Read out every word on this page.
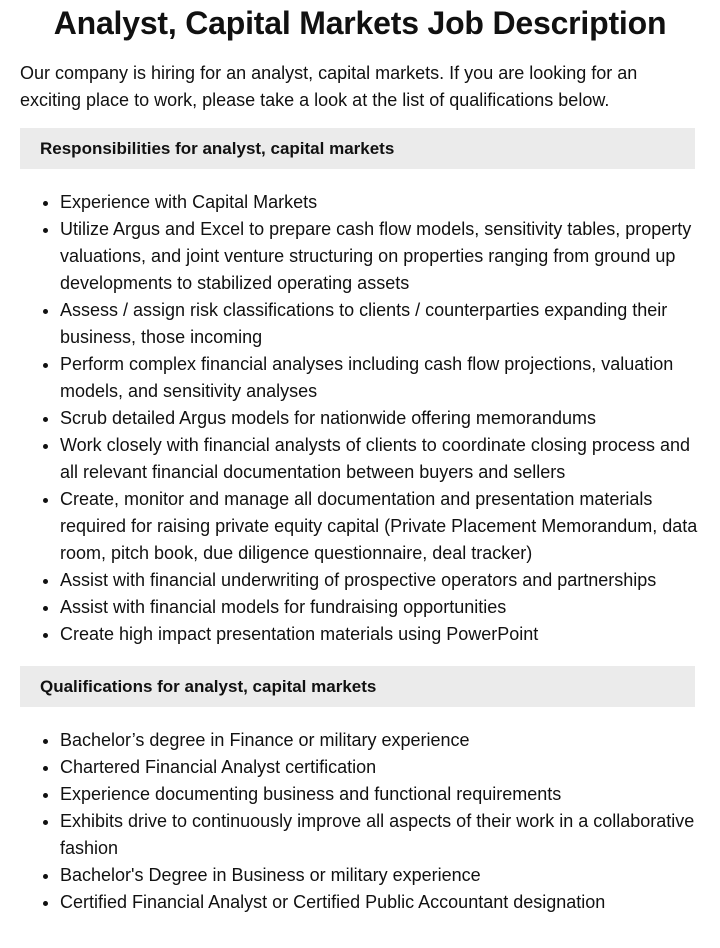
Analyst, Capital Markets Job Description

Our company is hiring for an analyst, capital markets. If you are looking for an exciting place to work, please take a look at the list of qualifications below.

Responsibilities for analyst, capital markets
• Experience with Capital Markets
• Utilize Argus and Excel to prepare cash flow models, sensitivity tables, property valuations, and joint venture structuring on properties ranging from ground up developments to stabilized operating assets
• Assess / assign risk classifications to clients / counterparties expanding their business, those incoming
• Perform complex financial analyses including cash flow projections, valuation models, and sensitivity analyses
• Scrub detailed Argus models for nationwide offering memorandums
• Work closely with financial analysts of clients to coordinate closing process and all relevant financial documentation between buyers and sellers
• Create, monitor and manage all documentation and presentation materials required for raising private equity capital (Private Placement Memorandum, data room, pitch book, due diligence questionnaire, deal tracker)
• Assist with financial underwriting of prospective operators and partnerships
• Assist with financial models for fundraising opportunities
• Create high impact presentation materials using PowerPoint
Qualifications for analyst, capital markets
• Bachelor’s degree in Finance or military experience
• Chartered Financial Analyst certification
• Experience documenting business and functional requirements
• Exhibits drive to continuously improve all aspects of their work in a collaborative fashion
• Bachelor's Degree in Business or military experience
• Certified Financial Analyst or Certified Public Accountant designation
